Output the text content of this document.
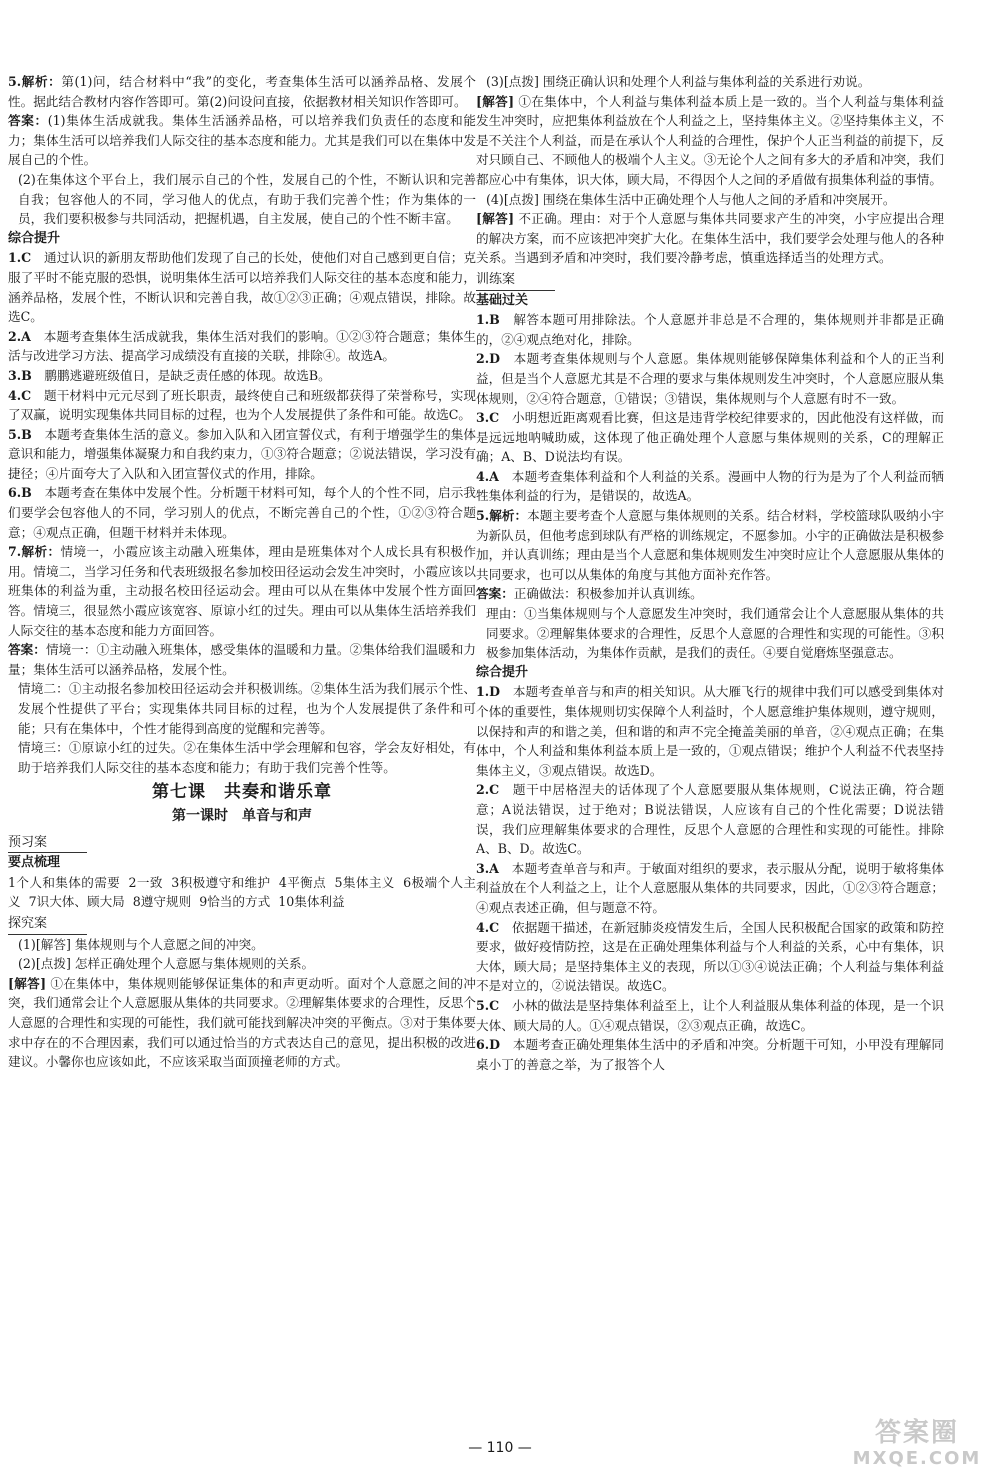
5.解析：第(1)问，结合材料中“我”的变化，考查集体生活可以涵养品格、发展个性。据此结合教材内容作答即可。第(2)问设问直接，依据教材相关知识作答即可。

答案：(1)集体生活成就我。集体生活涵养品格，可以培养我们负责任的态度和能力；集体生活可以培养我们人际交往的基本态度和能力。尤其是我们可以在集体中发展自己的个性。

(2)在集体这个平台上，我们展示自己的个性，发展自己的个性，不断认识和完善自我；包容他人的不同，学习他人的优点，有助于我们完善个性；作为集体的一员，我们要积极参与共同活动，把握机遇，自主发展，使自己的个性不断丰富。

综合提升

1.C　通过认识的新朋友帮助他们发现了自己的长处，使他们对自己感到更自信；克服了平时不能克服的恐惧，说明集体生活可以培养我们人际交往的基本态度和能力，涵养品格，发展个性，不断认识和完善自我，故①②③正确；④观点错误，排除。故选C。

2.A　本题考查集体生活成就我，集体生活对我们的影响。①②③符合题意；集体生活与改进学习方法、提高学习成绩没有直接的关联，排除④。故选A。

3.B　鹏鹏逃避班级值日，是缺乏责任感的体现。故选B。

4.C　题干材料中元元尽到了班长职责，最终使自己和班级都获得了荣誉称号，实现了双赢，说明实现集体共同目标的过程，也为个人发展提供了条件和可能。故选C。

5.B　本题考查集体生活的意义。参加入队和入团宣誓仪式，有利于增强学生的集体意识和能力，增强集体凝聚力和自我约束力，①③符合题意；②说法错误，学习没有捷径；④片面夸大了入队和入团宣誓仪式的作用，排除。

6.B　本题考查在集体中发展个性。分析题干材料可知，每个人的个性不同，启示我们要学会包容他人的不同，学习别人的优点，不断完善自己的个性，①②③符合题意；④观点正确，但题干材料并未体现。

7.解析：情境一，小霞应该主动融入班集体，理由是班集体对个人成长具有积极作用。情境二，当学习任务和代表班级报名参加校田径运动会发生冲突时，小霞应该以班集体的利益为重，主动报名校田径运动会。理由可以从在集体中发展个性方面回答。情境三，很显然小霞应该宽容、原谅小红的过失。理由可以从集体生活培养我们人际交往的基本态度和能力方面回答。

答案：情境一：①主动融入班集体，感受集体的温暖和力量。②集体给我们温暖和力量；集体生活可以涵养品格，发展个性。

情境二：①主动报名参加校田径运动会并积极训练。②集体生活为我们展示个性、发展个性提供了平台；实现集体共同目标的过程，也为个人发展提供了条件和可能；只有在集体中，个性才能得到高度的觉醒和完善等。

情境三：①原谅小红的过失。②在集体生活中学会理解和包容，学会友好相处，有助于培养我们人际交往的基本态度和能力；有助于我们完善个性等。

第七课　共奏和谐乐章
第一课时　单音与和声
预习案

要点梳理

1个人和集体的需要 2一致 3积极遵守和维护 4平衡点 5集体主义 6极端个人主义 7识大体、顾大局 8遵守规则 9恰当的方式 10集体利益

探究案

(1)[解答] 集体规则与个人意愿之间的冲突。

(2)[点拨] 怎样正确处理个人意愿与集体规则的关系。

[解答] ①在集体中，集体规则能够保证集体的和声更动听。面对个人意愿之间的冲突，我们通常会让个人意愿服从集体的共同要求。②理解集体要求的合理性，反思个人意愿的合理性和实现的可能性，我们就可能找到解决冲突的平衡点。③对于集体要求中存在的不合理因素，我们可以通过恰当的方式表达自己的意见，提出积极的改进建议。小馨你也应该如此，不应该采取当面顶撞老师的方式。

(3)[点拨] 围绕正确认识和处理个人利益与集体利益的关系进行劝说。

[解答] ①在集体中，个人利益与集体利益本质上是一致的。当个人利益与集体利益发生冲突时，应把集体利益放在个人利益之上，坚持集体主义。②坚持集体主义，不是不关注个人利益，而是在承认个人利益的合理性，保护个人正当利益的前提下，反对只顾自己、不顾他人的极端个人主义。③无论个人之间有多大的矛盾和冲突，我们都应心中有集体，识大体，顾大局，不得因个人之间的矛盾做有损集体利益的事情。

(4)[点拨] 围绕在集体生活中正确处理个人与他人之间的矛盾和冲突展开。

[解答] 不正确。理由：对于个人意愿与集体共同要求产生的冲突，小宇应提出合理的解决方案，而不应该把冲突扩大化。在集体生活中，我们要学会处理与他人的各种关系。当遇到矛盾和冲突时，我们要冷静考虑，慎重选择适当的处理方式。

训练案

基础过关

1.B　解答本题可用排除法。个人意愿并非总是不合理的，集体规则并非都是正确的，②④观点绝对化，排除。

2.D　本题考查集体规则与个人意愿。集体规则能够保障集体利益和个人的正当利益，但是当个人意愿尤其是不合理的要求与集体规则发生冲突时，个人意愿应服从集体规则，②④符合题意，①错误；③错误，集体规则与个人意愿有时不一致。

3.C　小明想近距离观看比赛，但这是违背学校纪律要求的，因此他没有这样做，而是远远地呐喊助威，这体现了他正确处理个人意愿与集体规则的关系，C的理解正确；A、B、D说法均有误。

4.A　本题考查集体利益和个人利益的关系。漫画中人物的行为是为了个人利益而牺牲集体利益的行为，是错误的，故选A。

5.解析：本题主要考查个人意愿与集体规则的关系。结合材料，学校篮球队吸纳小宇为新队员，但他考虑到球队有严格的训练规定，不愿参加。小宇的正确做法是积极参加，并认真训练；理由是当个人意愿和集体规则发生冲突时应让个人意愿服从集体的共同要求，也可以从集体的角度与其他方面补充作答。

答案：正确做法：积极参加并认真训练。

理由：①当集体规则与个人意愿发生冲突时，我们通常会让个人意愿服从集体的共同要求。②理解集体要求的合理性，反思个人意愿的合理性和实现的可能性。③积极参加集体活动，为集体作贡献，是我们的责任。④要自觉磨炼坚强意志。

综合提升

1.D　本题考查单音与和声的相关知识。从大雁飞行的规律中我们可以感受到集体对个体的重要性，集体规则切实保障个人利益时，个人愿意维护集体规则，遵守规则，以保持和声的和谐之美，但和谐的和声不完全掩盖美丽的单音，②④观点正确；在集体中，个人利益和集体利益本质上是一致的，①观点错误；维护个人利益不代表坚持集体主义，③观点错误。故选D。

2.C　题干中居格涅夫的话体现了个人意愿要服从集体规则，C说法正确，符合题意；A说法错误，过于绝对；B说法错误，人应该有自己的个性化需要；D说法错误，我们应理解集体要求的合理性，反思个人意愿的合理性和实现的可能性。排除A、B、D。故选C。

3.A　本题考查单音与和声。于敏面对组织的要求，表示服从分配，说明于敏将集体利益放在个人利益之上，让个人意愿服从集体的共同要求，因此，①②③符合题意；④观点表述正确，但与题意不符。

4.C　依据题干描述，在新冠肺炎疫情发生后，全国人民积极配合国家的政策和防控要求，做好疫情防控，这是在正确处理集体利益与个人利益的关系，心中有集体，识大体，顾大局；是坚持集体主义的表现，所以①③④说法正确；个人利益与集体利益不是对立的，②说法错误。故选C。

5.C　小林的做法是坚持集体利益至上，让个人利益服从集体利益的体现，是一个识大体、顾大局的人。①④观点错误，②③观点正确，故选C。

6.D　本题考查正确处理集体生活中的矛盾和冲突。分析题干可知，小甲没有理解同桌小丁的善意之举，为了报答个人

— 110 —	答案圈
MXQE.COM
